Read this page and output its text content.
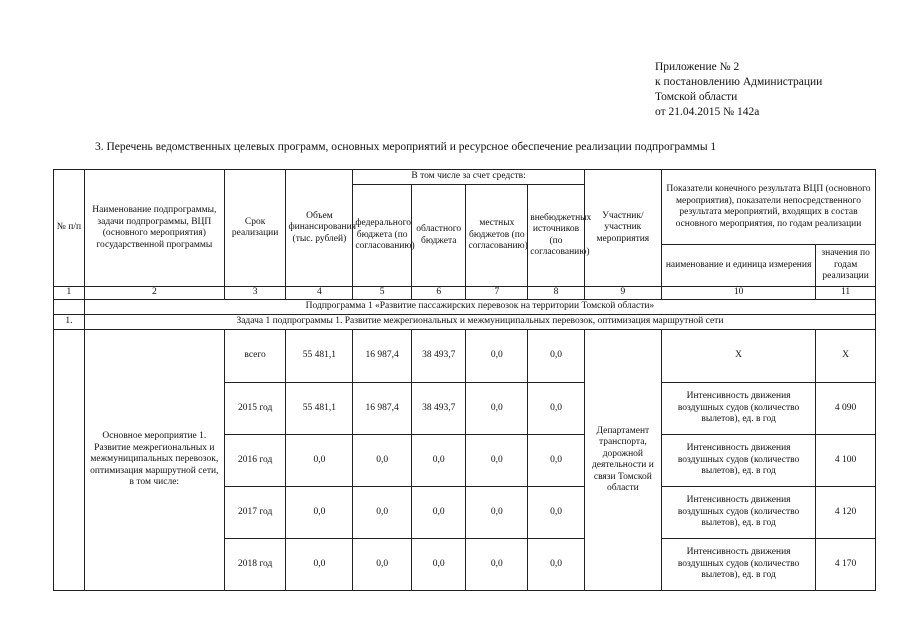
Приложение № 2
к постановлению Администрации
Томской области
от 21.04.2015 № 142а
3. Перечень ведомственных целевых программ, основных мероприятий и ресурсное обеспечение реализации подпрограммы 1
№ п/п	Наименование подпрограммы, задачи подпрограммы, ВЦП (основного мероприятия) государственной программы	Срок реализации	Объем финансирования (тыс. рублей)	В том числе за счет средств:				Участник/ участник мероприятия	Показатели конечного результата ВЦП (основного мероприятия), показатели непосредственного результата мероприятий, входящих в состав основного мероприятия, по годам реализации	
				федерального бюджета (по согласованию)	областного бюджета	местных бюджетов (по согласованию)	внебюджетных источников (по согласованию)			
									наименование и единица измерения	значения по годам реализации
1	2	3	4	5	6	7	8	9	10	11
	Подпрограмма 1 «Развитие пассажирских перевозок на территории Томской области»									
1.	Задача 1 подпрограммы 1. Развитие межрегиональных и межмуниципальных перевозок, оптимизация маршрутной сети									
	Основное мероприятие 1. Развитие межрегиональных и межмуниципальных перевозок, оптимизация маршрутной сети, в том числе:	всего	55 481,1	16 987,4	38 493,7	0,0	0,0	Департамент транспорта, дорожной деятельности и связи Томской области	X	X
		2015 год	55 481,1	16 987,4	38 493,7	0,0	0,0		Интенсивность движения воздушных судов (количество вылетов), ед. в год	4 090
		2016 год	0,0	0,0	0,0	0,0	0,0		Интенсивность движения воздушных судов (количество вылетов), ед. в год	4 100
		2017 год	0,0	0,0	0,0	0,0	0,0		Интенсивность движения воздушных судов (количество вылетов), ед. в год	4 120
		2018 год	0,0	0,0	0,0	0,0	0,0		Интенсивность движения воздушных судов (количество вылетов), ед. в год	4 170
